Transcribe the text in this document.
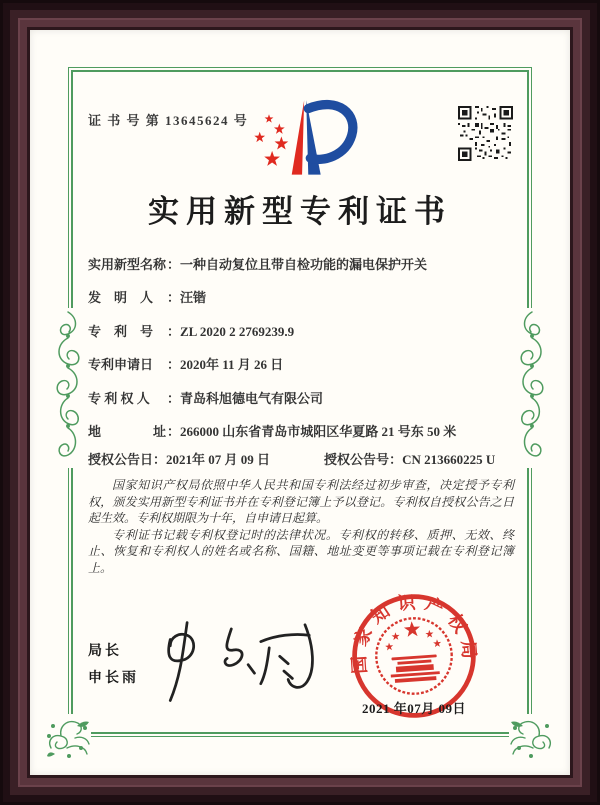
证 书 号 第 13645624 号
实用新型专利证书
实用新型名称：一种自动复位且带自检功能的漏电保护开关
发　明　人 ：汪锴
专　利　号 ：ZL 2020 2 2769239.9
专利申请日 ：2020年 11 月 26 日
专 利 权 人 ：青岛科旭德电气有限公司
地　　　　址：266000 山东省青岛市城阳区华夏路 21 号东 50 米
授权公告日：2021年 07 月 09 日	授权公告号：CN 213660225 U

国家知识产权局依照中华人民共和国专利法经过初步审查，决定授予专利权，颁发实用新型专利证书并在专利登记簿上予以登记。专利权自授权公告之日起生效。专利权期限为十年，自申请日起算。

专利证书记载专利权登记时的法律状况。专利权的转移、质押、无效、终止、恢复和专利权人的姓名或名称、国籍、地址变更等事项记载在专利登记簿上。

局长
申长雨
国家知识产权局
2021 年07月 09日
